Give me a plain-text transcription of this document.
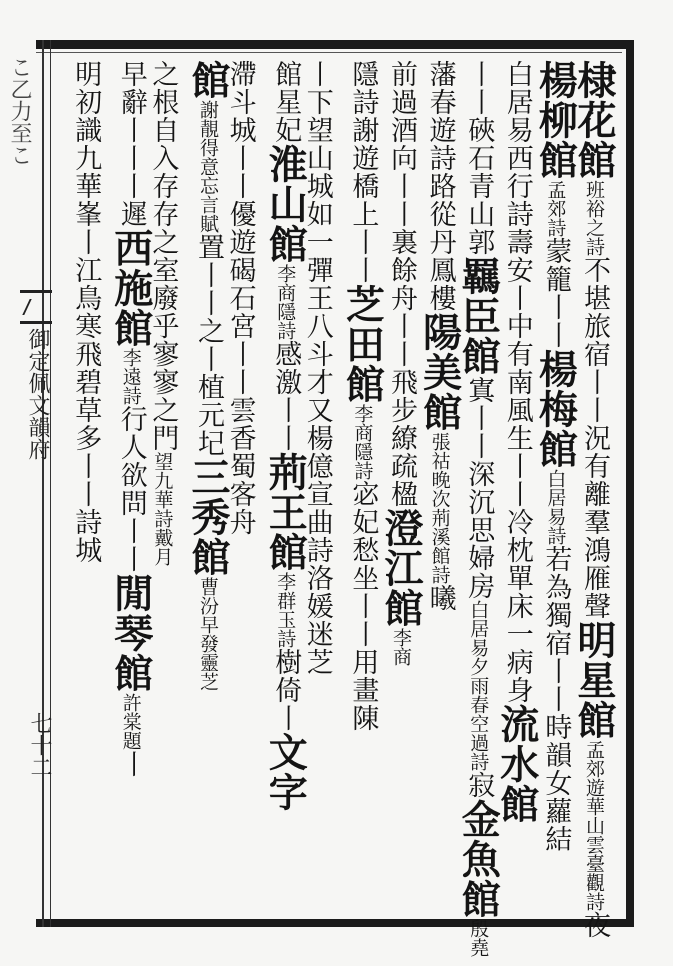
こ乙力至こ
御定佩文韻府
七十二
棣花館班裕之詩不堪旅宿丨丨況有離羣鴻雁聲明星館孟郊遊華山雲臺觀詩夜
楊柳館孟郊詩蒙籠丨丨楊梅館白居易詩若為獨宿丨丨時韻女蘿結
白居易西行詩壽安丨中有南風生丨丨冷枕單床一病身流水館
丨丨硤石青山郭羈臣館寘丨丨深沉思婦房白居易夕雨春空過詩寂金魚館殷堯
藩春遊詩路從丹鳳樓陽美館張祜晚次荊溪館詩曦
前過酒向丨丨裏餘舟丨丨飛步繚疏楹澄江館李商
隱詩謝遊橋上丨丨芝田館李商隱詩宓妃愁坐丨丨用畫陳
丨下望山城如一彈王八斗才又楊億宣曲詩洛媛迷芝
館星妃淮山館李商隱詩感激丨丨荊王館李群玉詩樹倚丨文字
滯斗城丨丨優遊碣石宮丨丨雲香蜀客舟
館謝靚得意忘言賦置丨丨之丨植元圮三秀館曹汾早發靈芝
之根自入存存之室廢乎寥寥之門望九華詩戴月
早辭丨丨丨遲西施館李遠詩行人欲問丨丨閒琴館許棠題丨
明初識九華峯丨江鳥寒飛碧草多丨丨詩城
